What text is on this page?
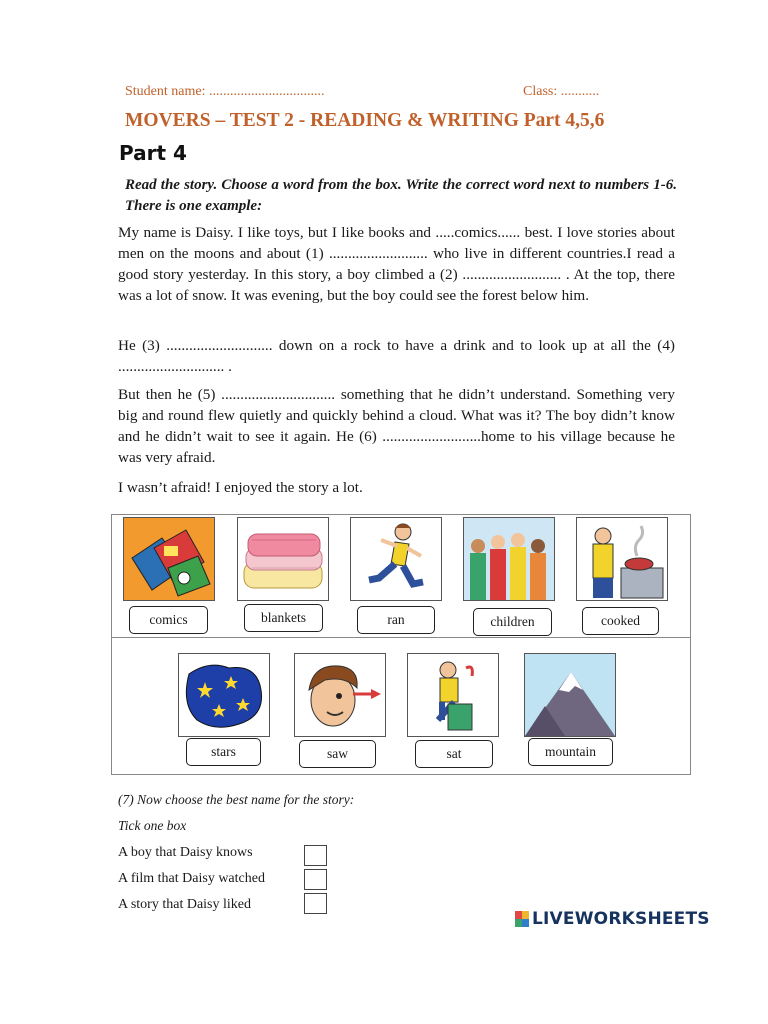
Student name: .................................	Class: ...........
MOVERS – TEST 2 - READING & WRITING Part 4,5,6
Part 4
Read the story. Choose a word from the box. Write the correct word next to numbers 1-6. There is one example:
My name is Daisy. I like toys, but I like books and .....comics...... best. I love stories about men on the moons and about (1) .......................... who live in different countries.I read a good story yesterday. In this story, a boy climbed a (2) .......................... . At the top, there was a lot of snow. It was evening, but the boy could see the forest below him.
He (3) ............................ down on a rock to have a drink and to look up at all the (4) ............................ .
But then he (5) .............................. something that he didn’t understand. Something very big and round flew quietly and quickly behind a cloud. What was it? The boy didn’t know and he didn’t wait to see it again. He (6) ..........................home to his village because he was very afraid.
I wasn’t afraid! I enjoyed the story a lot.
comics	blankets	ran	children	cooked
stars	saw	sat	mountain
(7) Now choose the best name for the story:
Tick one box
A boy that Daisy knows
A film that Daisy watched
A story that Daisy liked
LIVEWORKSHEETS
